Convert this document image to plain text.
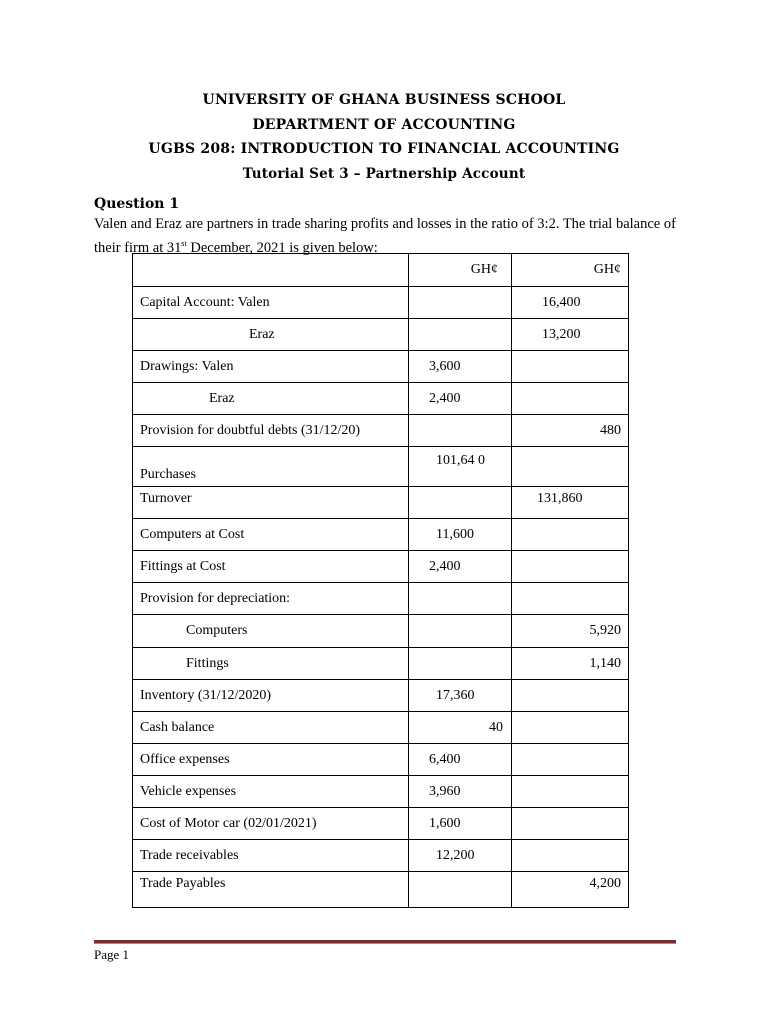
UNIVERSITY OF GHANA BUSINESS SCHOOL
DEPARTMENT OF ACCOUNTING
UGBS 208: INTRODUCTION TO FINANCIAL ACCOUNTING
Tutorial Set 3 – Partnership Account
Question 1
Valen and Eraz are partners in trade sharing profits and losses in the ratio of 3:2. The trial balance of their firm at 31st December, 2021 is given below:
	GH¢	GH¢
Capital Account: Valen		16,400
Eraz		13,200
Drawings: Valen	3,600	
Eraz	2,400	
Provision for doubtful debts (31/12/20)		480
Purchases	101,64 0	
Turnover		131,860
Computers at Cost	11,600	
Fittings at Cost	2,400	
Provision for depreciation:		
Computers		5,920
Fittings		1,140
Inventory (31/12/2020)	17,360	
Cash balance	40	
Office expenses	6,400	
Vehicle expenses	3,960	
Cost of Motor car (02/01/2021)	1,600	
Trade receivables	12,200	
Trade Payables		4,200
Page 1
